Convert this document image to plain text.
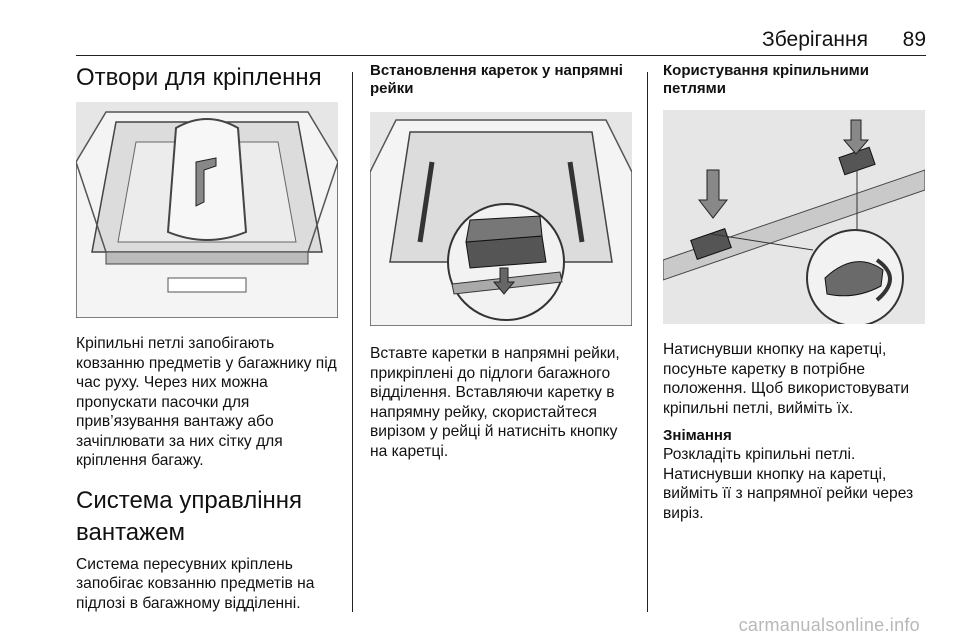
Зберігання 89
Отвори для кріплення

Кріпильні петлі запобігають ковзанню предметів у багажнику під час руху. Через них можна пропускати пасочки для прив’язування вантажу або зачіплювати за них сітку для кріплення багажу.

Система управління вантажем

Система пересувних кріплень запобігає ковзанню предметів на підлозі в багажному відділенні.

Встановлення кареток у напрямні рейки

Вставте каретки в напрямні рейки, прикріплені до підлоги багажного відділення. Вставляючи каретку в напрямну рейку, скористайтеся вирізом у рейці й натисніть кнопку на каретці.

Користування кріпильними петлями

Натиснувши кнопку на каретці, посуньте каретку в потрібне положення. Щоб використовувати кріпильні петлі, вийміть їх.

Знімання

Розкладіть кріпильні петлі. Натиснувши кнопку на каретці, вийміть її з напрямної рейки через виріз.

carmanualsonline.info
